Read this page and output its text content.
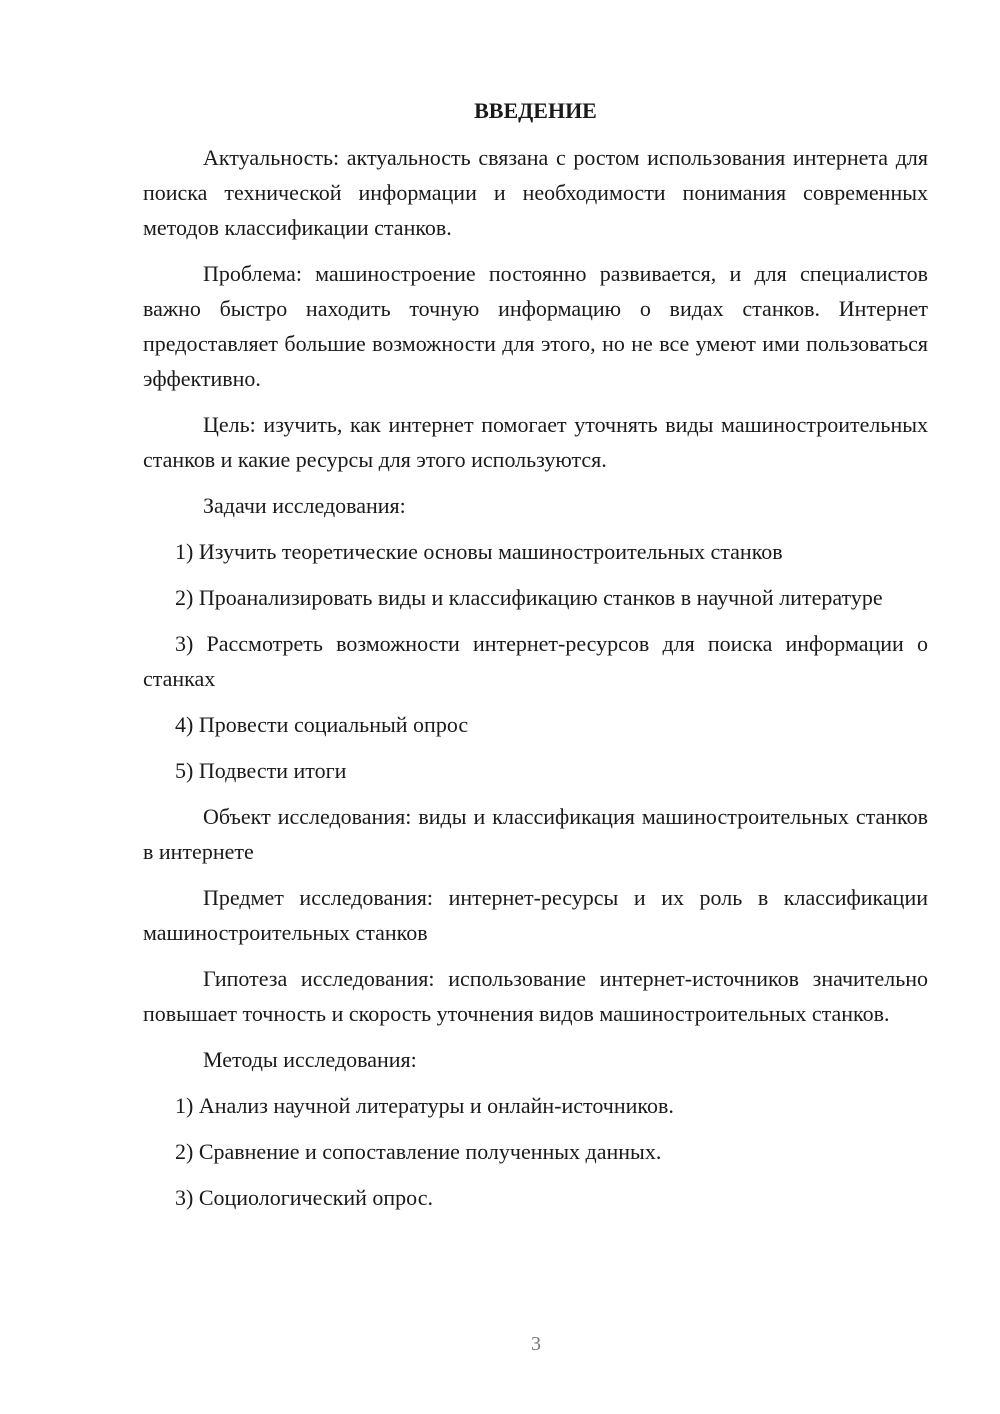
ВВЕДЕНИЕ

Актуальность: актуальность связана с ростом использования интернета для поиска технической информации и необходимости понимания современных методов классификации станков.

Проблема: машиностроение постоянно развивается, и для специалистов важно быстро находить точную информацию о видах станков. Интернет предоставляет большие возможности для этого, но не все умеют ими пользоваться эффективно.

Цель: изучить, как интернет помогает уточнять виды машиностроительных станков и какие ресурсы для этого используются.

Задачи исследования:

1) Изучить теоретические основы машиностроительных станков

2) Проанализировать виды и классификацию станков в научной литературе

3) Рассмотреть возможности интернет-ресурсов для поиска информации о станках

4) Провести социальный опрос

5) Подвести итоги

Объект исследования: виды и классификация машиностроительных станков в интернете

Предмет исследования: интернет-ресурсы и их роль в классификации машиностроительных станков

Гипотеза исследования: использование интернет-источников значительно повышает точность и скорость уточнения видов машиностроительных станков.

Методы исследования:

1) Анализ научной литературы и онлайн-источников.

2) Сравнение и сопоставление полученных данных.

3) Социологический опрос.

3
